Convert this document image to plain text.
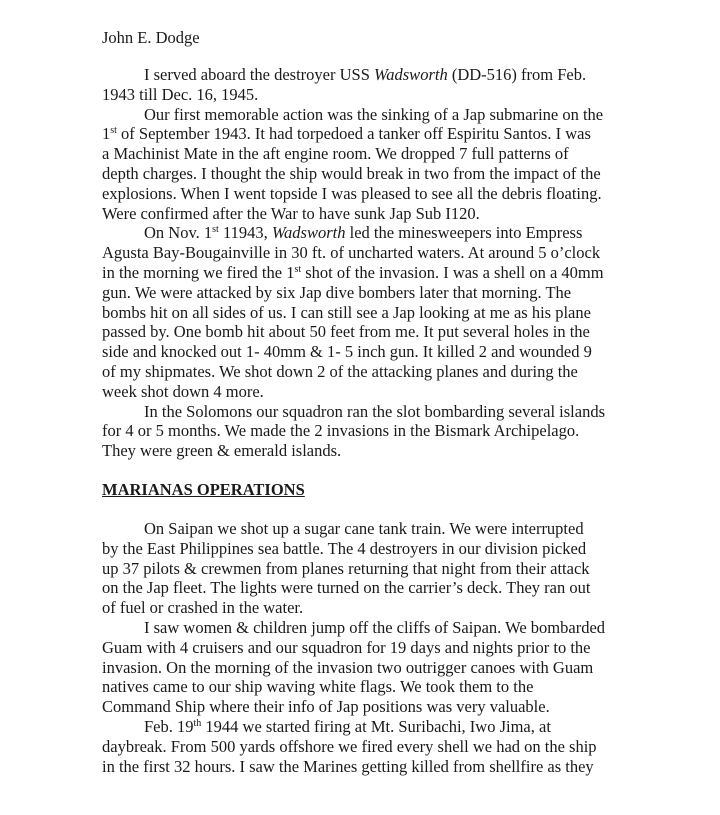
John E. Dodge
I served aboard the destroyer USS Wadsworth (DD-516) from Feb.
1943 till Dec. 16, 1945.
Our first memorable action was the sinking of a Jap submarine on the
1st of September 1943. It had torpedoed a tanker off Espiritu Santos. I was
a Machinist Mate in the aft engine room. We dropped 7 full patterns of
depth charges. I thought the ship would break in two from the impact of the
explosions. When I went topside I was pleased to see all the debris floating.
Were confirmed after the War to have sunk Jap Sub I120.
On Nov. 1st 11943, Wadsworth led the minesweepers into Empress
Agusta Bay-Bougainville in 30 ft. of uncharted waters. At around 5 o’clock
in the morning we fired the 1st shot of the invasion. I was a shell on a 40mm
gun. We were attacked by six Jap dive bombers later that morning. The
bombs hit on all sides of us. I can still see a Jap looking at me as his plane
passed by. One bomb hit about 50 feet from me. It put several holes in the
side and knocked out 1- 40mm & 1- 5 inch gun. It killed 2 and wounded 9
of my shipmates. We shot down 2 of the attacking planes and during the
week shot down 4 more.
In the Solomons our squadron ran the slot bombarding several islands
for 4 or 5 months. We made the 2 invasions in the Bismark Archipelago.
They were green & emerald islands.
MARIANAS OPERATIONS
On Saipan we shot up a sugar cane tank train. We were interrupted
by the East Philippines sea battle. The 4 destroyers in our division picked
up 37 pilots & crewmen from planes returning that night from their attack
on the Jap fleet. The lights were turned on the carrier’s deck. They ran out
of fuel or crashed in the water.
I saw women & children jump off the cliffs of Saipan. We bombarded
Guam with 4 cruisers and our squadron for 19 days and nights prior to the
invasion. On the morning of the invasion two outrigger canoes with Guam
natives came to our ship waving white flags. We took them to the
Command Ship where their info of Jap positions was very valuable.
Feb. 19th 1944 we started firing at Mt. Suribachi, Iwo Jima, at
daybreak. From 500 yards offshore we fired every shell we had on the ship
in the first 32 hours. I saw the Marines getting killed from shellfire as they
